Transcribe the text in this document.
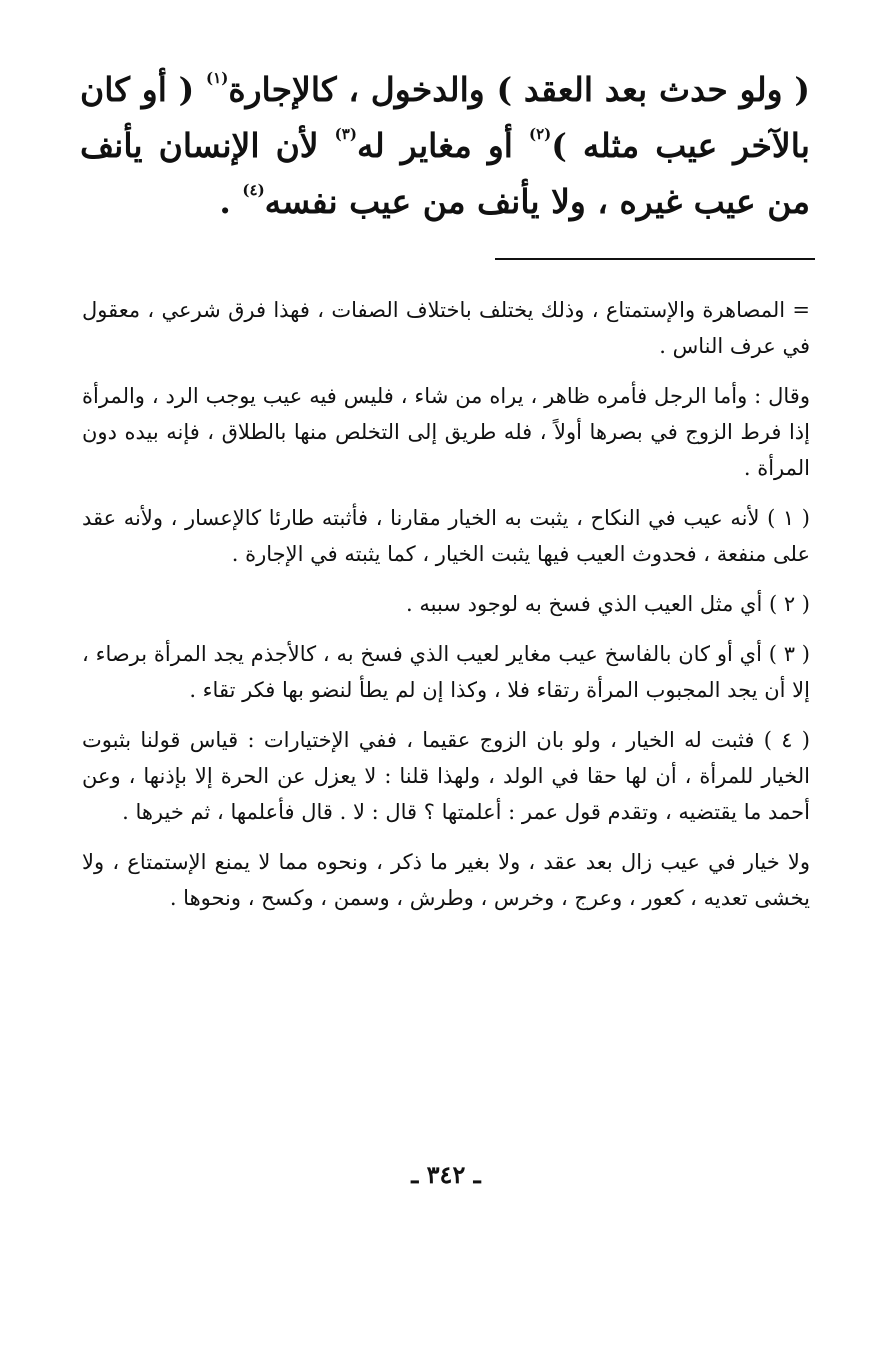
( ولو حدث بعد العقد ) والدخول ، كالإجارة$^{(١)}$ ( أو كان بالآخر عيب مثله )$^{(٢)}$ أو مغاير له$^{(٣)}$ لأن الإنسان يأنف من عيب غيره ، ولا يأنف من عيب نفسه$^{(٤)}$ .

= المصاهرة والإستمتاع ، وذلك يختلف باختلاف الصفات ، فهذا فرق شرعي ، معقول في عرف الناس .

وقال : وأما الرجل فأمره ظاهر ، يراه من شاء ، فليس فيه عيب يوجب الرد ، والمرأة إذا فرط الزوج في بصرها أولاً ، فله طريق إلى التخلص منها بالطلاق ، فإنه بيده دون المرأة .

( ١ ) لأنه عيب في النكاح ، يثبت به الخيار مقارنا ، فأثبته طارئا كالإعسار ، ولأنه عقد على منفعة ، فحدوث العيب فيها يثبت الخيار ، كما يثبته في الإجارة .

( ٢ ) أي مثل العيب الذي فسخ به لوجود سببه .

( ٣ ) أي أو كان بالفاسخ عيب مغاير لعيب الذي فسخ به ، كالأجذم يجد المرأة برصاء ، إلا أن يجد المجبوب المرأة رتقاء فلا ، وكذا إن لم يطأ لنضو بها فكر تقاء .

( ٤ ) فثبت له الخيار ، ولو بان الزوج عقيما ، ففي الإختيارات : قياس قولنا بثبوت الخيار للمرأة ، أن لها حقا في الولد ، ولهذا قلنا : لا يعزل عن الحرة إلا بإذنها ، وعن أحمد ما يقتضيه ، وتقدم قول عمر : أعلمتها ؟ قال : لا . قال فأعلمها ، ثم خيرها .

ولا خيار في عيب زال بعد عقد ، ولا بغير ما ذكر ، ونحوه مما لا يمنع الإستمتاع ، ولا يخشى تعديه ، كعور ، وعرج ، وخرس ، وطرش ، وسمن ، وكسح ، ونحوها .

ـ ٣٤٢ ـ
